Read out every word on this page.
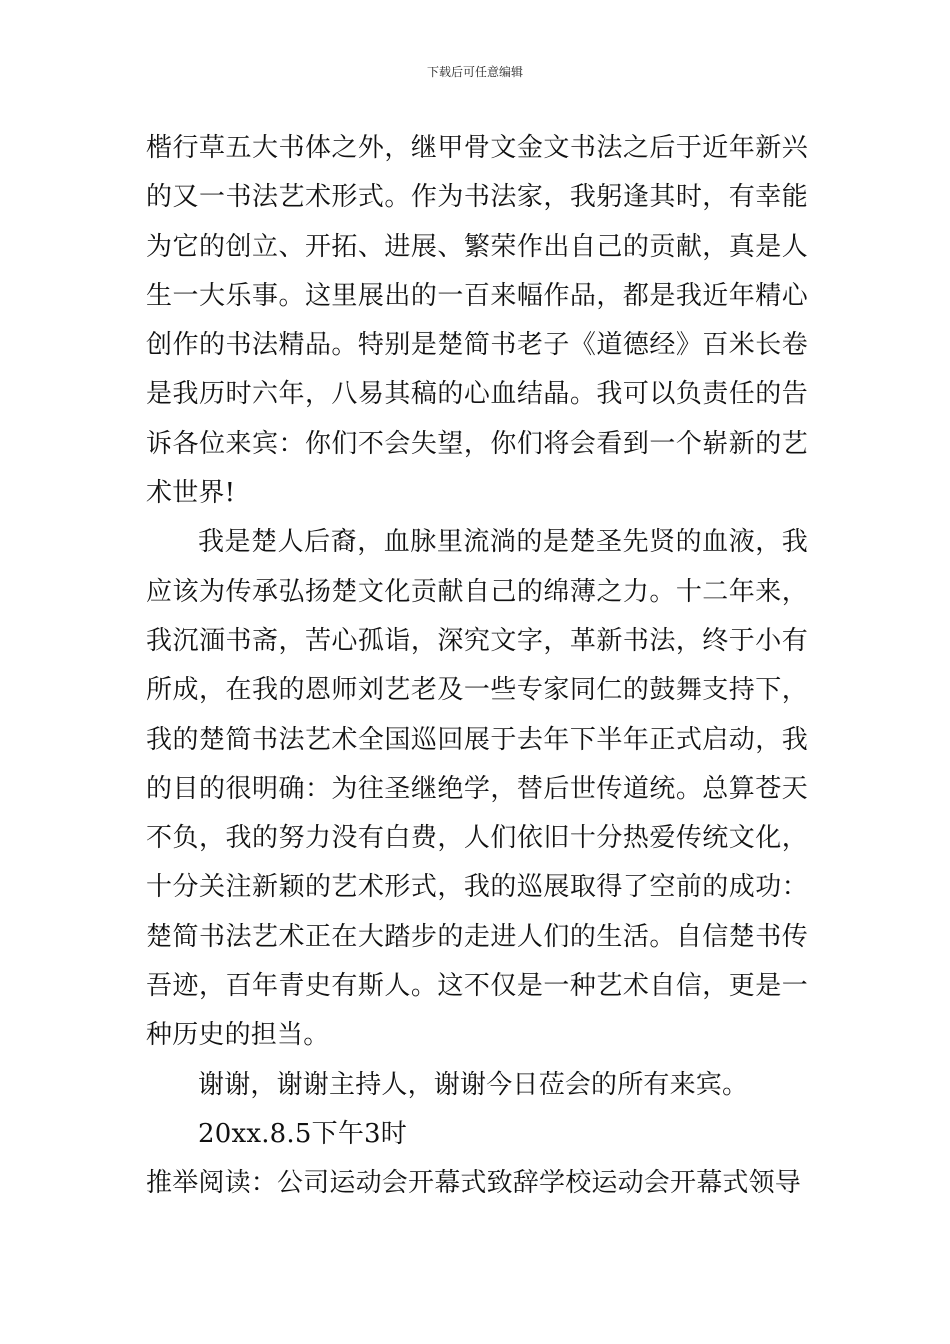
下载后可任意编辑

楷行草五大书体之外，继甲骨文金文书法之后于近年新兴的又一书法艺术形式。作为书法家，我躬逢其时，有幸能为它的创立、开拓、进展、繁荣作出自己的贡献，真是人生一大乐事。这里展出的一百来幅作品，都是我近年精心创作的书法精品。特别是楚简书老子《道德经》百米长卷是我历时六年，八易其稿的心血结晶。我可以负责任的告诉各位来宾：你们不会失望，你们将会看到一个崭新的艺术世界!

我是楚人后裔，血脉里流淌的是楚圣先贤的血液，我应该为传承弘扬楚文化贡献自己的绵薄之力。十二年来，我沉湎书斋，苦心孤诣，深究文字，革新书法，终于小有所成，在我的恩师刘艺老及一些专家同仁的鼓舞支持下，我的楚简书法艺术全国巡回展于去年下半年正式启动，我的目的很明确：为往圣继绝学，替后世传道统。总算苍天不负，我的努力没有白费，人们依旧十分热爱传统文化，十分关注新颖的艺术形式，我的巡展取得了空前的成功：楚简书法艺术正在大踏步的走进人们的生活。自信楚书传吾迹，百年青史有斯人。这不仅是一种艺术自信，更是一种历史的担当。

谢谢，谢谢主持人，谢谢今日莅会的所有来宾。

20xx.8.5下午3时

推举阅读：公司运动会开幕式致辞学校运动会开幕式领导
